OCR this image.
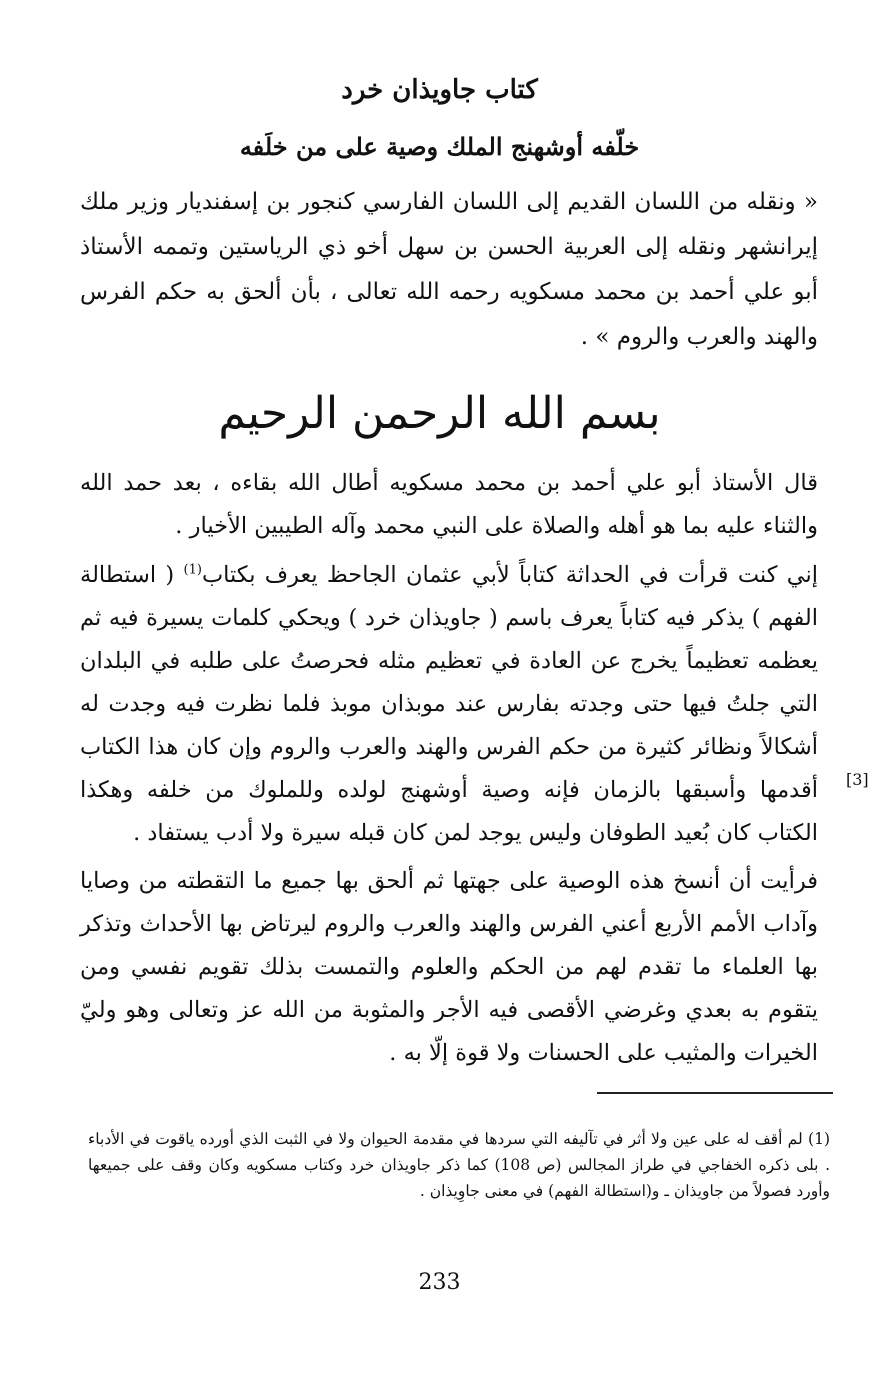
كتاب جاويذان خرد
خلّفه أوشهنج الملك وصية على من خلَفه

« ونقله من اللسان القديم إلى اللسان الفارسي كنجور بن إسفنديار وزير ملك إيرانشهر ونقله إلى العربية الحسن بن سهل أخو ذي الرياستين وتممه الأستاذ أبو علي أحمد بن محمد مسكويه رحمه الله تعالى ، بأن ألحق به حكم الفرس والهند والعرب والروم » .

بسم الله الرحمن الرحيم

قال الأستاذ أبو علي أحمد بن محمد مسكويه أطال الله بقاءه ، بعد حمد الله والثناء عليه بما هو أهله والصلاة على النبي محمد وآله الطيبين الأخيار .

إني كنت قرأت في الحداثة كتاباً لأبي عثمان الجاحظ يعرف بكتاب$^{(1)}$ ( استطالة الفهم ) يذكر فيه كتاباً يعرف باسم ( جاويذان خرد ) ويحكي كلمات يسيرة فيه ثم يعظمه تعظيماً يخرج عن العادة في تعظيم مثله فحرصتُ على طلبه في البلدان التي جلتُ فيها حتى وجدته بفارس عند موبذان موبذ فلما نظرت فيه وجدت له أشكالاً ونظائر كثيرة من حكم الفرس والهند والعرب والروم وإن كان هذا الكتاب أقدمها وأسبقها بالزمان فإنه وصية أوشهنج لولده وللملوك من خلفه وهكذا الكتاب كان بُعيد الطوفان وليس يوجد لمن كان قبله سيرة ولا أدب يستفاد .

فرأيت أن أنسخ هذه الوصية على جهتها ثم ألحق بها جميع ما التقطته من وصايا وآداب الأمم الأربع أعني الفرس والهند والعرب والروم ليرتاض بها الأحداث وتذكر بها العلماء ما تقدم لهم من الحكم والعلوم والتمست بذلك تقويم نفسي ومن يتقوم به بعدي وغرضي الأقصى فيه الأجر والمثوبة من الله عز وتعالى وهو وليّ الخيرات والمثيب على الحسنات ولا قوة إلّا به .

[3]

(1) لم أقف له على عين ولا أثر في تآليفه التي سردها في مقدمة الحيوان ولا في الثبت الذي أورده ياقوت في الأدباء . بلى ذكره الخفاجي في طراز المجالس (ص 108) كما ذكر جاويذان خرد وكتاب مسكويه وكان وقف على جميعها وأورد فصولاً من جاويذان ـ و(استطالة الفهم) في معنى جاوِيذان .

233
